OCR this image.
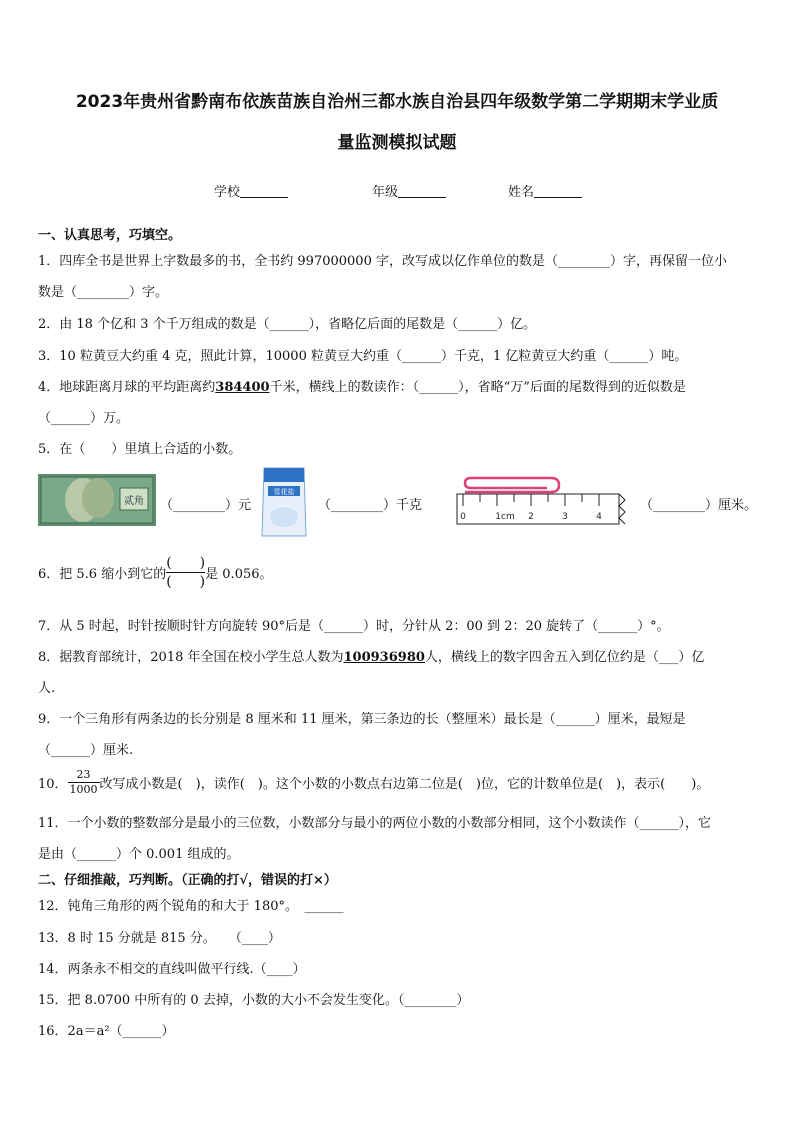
2023年贵州省黔南布依族苗族自治州三都水族自治县四年级数学第二学期期末学业质
量监测模拟试题
学校	年级	姓名
一、认真思考，巧填空。
1．四库全书是世界上字数最多的书，全书约 997000000 字，改写成以亿作单位的数是（________）字，再保留一位小
数是（________）字。
2．由 18 个亿和 3 个千万组成的数是（______），省略亿后面的尾数是（______）亿。
3．10 粒黄豆大约重 4 克，照此计算，10000 粒黄豆大约重（______）千克，1 亿粒黄豆大约重（______）吨。
4．地球距离月球的平均距离约384400千米，横线上的数读作：（______），省略“万”后面的尾数得到的近似数是
（______）万。
5．在（　　）里填上合适的小数。
贰角 （________）元
雪花盐
（________）千克
0	1cm 2	3	4
（________）厘米。
6．把 5.6 缩小到它的 $\frac{( )}{( )}$ 是 0.056。
7．从 5 时起，时针按顺时针方向旋转 90°后是（______）时，分针从 2：00 到 2：20 旋转了（______）°。
8．据教育部统计，2018 年全国在校小学生总人数为100936980人，横线上的数字四舍五入到亿位约是（___）亿
人.
9．一个三角形有两条边的长分别是 8 厘米和 11 厘米，第三条边的长（整厘米）最长是（______）厘米，最短是
（______）厘米.
10． $\frac{23}{1000}$ 改写成小数是(　)，读作(　)。这个小数的小数点右边第二位是(　)位，它的计数单位是(　)，表示(　　)。
11．一个小数的整数部分是最小的三位数，小数部分与最小的两位小数的小数部分相同，这个小数读作（______），它
是由（______）个 0.001 组成的。
二、仔细推敲，巧判断。（正确的打√，错误的打×）
12．钝角三角形的两个锐角的和大于 180°。　______
13．8 时 15 分就是 815 分。　　（____）
14．两条永不相交的直线叫做平行线.（____）
15．把 8.0700 中所有的 0 去掉，小数的大小不会发生变化。（________）
16．2a＝a²（______）
